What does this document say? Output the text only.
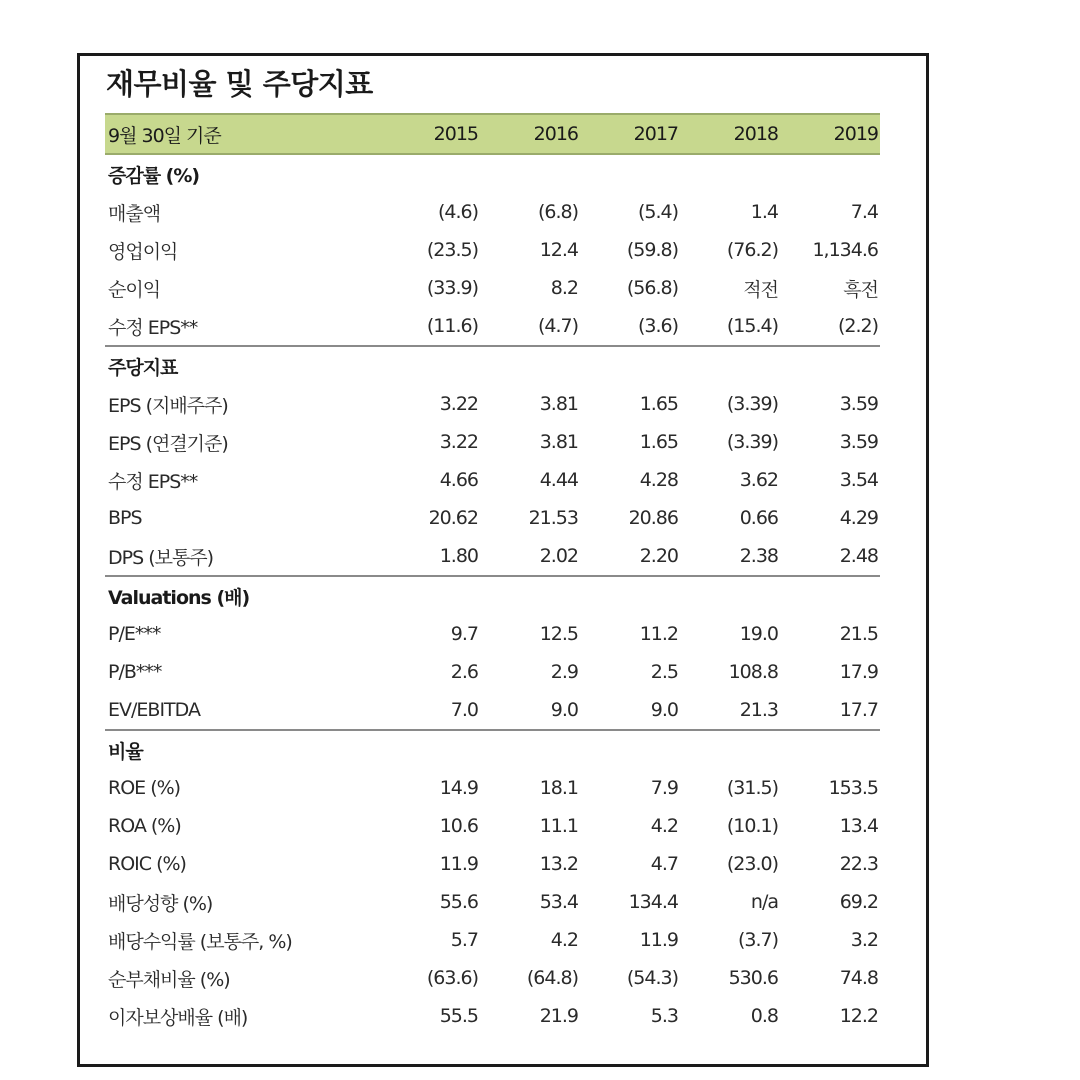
재무비율 및 주당지표
9월 30일 기준	2015	2016	2017	2018	2019
증감률 (%)					
매출액	(4.6)	(6.8)	(5.4)	1.4	7.4
영업이익	(23.5)	12.4	(59.8)	(76.2)	1,134.6
순이익	(33.9)	8.2	(56.8)	적전	흑전
수정 EPS**	(11.6)	(4.7)	(3.6)	(15.4)	(2.2)
주당지표					
EPS (지배주주)	3.22	3.81	1.65	(3.39)	3.59
EPS (연결기준)	3.22	3.81	1.65	(3.39)	3.59
수정 EPS**	4.66	4.44	4.28	3.62	3.54
BPS	20.62	21.53	20.86	0.66	4.29
DPS (보통주)	1.80	2.02	2.20	2.38	2.48
Valuations (배)					
P/E***	9.7	12.5	11.2	19.0	21.5
P/B***	2.6	2.9	2.5	108.8	17.9
EV/EBITDA	7.0	9.0	9.0	21.3	17.7
비율					
ROE (%)	14.9	18.1	7.9	(31.5)	153.5
ROA (%)	10.6	11.1	4.2	(10.1)	13.4
ROIC (%)	11.9	13.2	4.7	(23.0)	22.3
배당성향 (%)	55.6	53.4	134.4	n/a	69.2
배당수익률 (보통주, %)	5.7	4.2	11.9	(3.7)	3.2
순부채비율 (%)	(63.6)	(64.8)	(54.3)	530.6	74.8
이자보상배율 (배)	55.5	21.9	5.3	0.8	12.2
